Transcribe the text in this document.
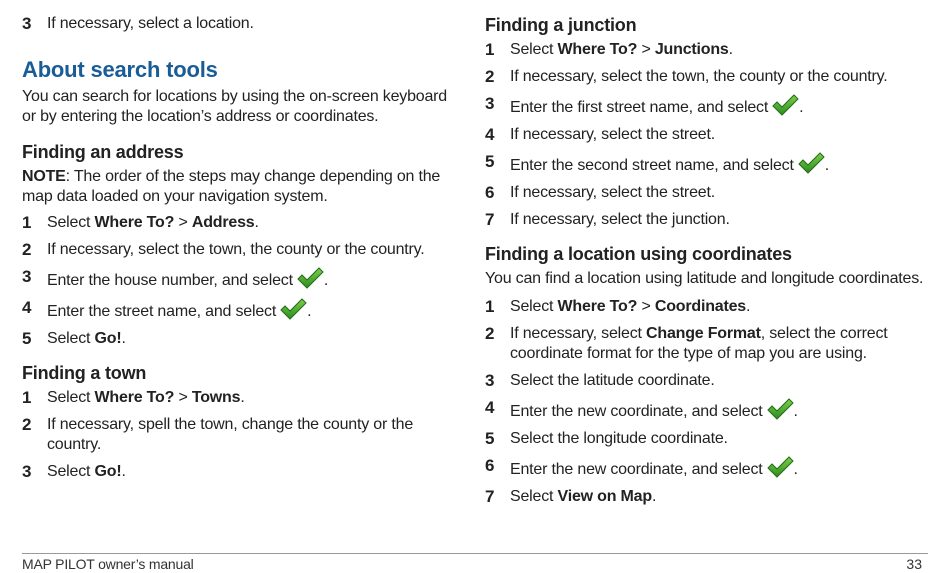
3 If necessary, select a location.
About search tools

You can search for locations by using the on-screen keyboard or by entering the location’s address or coordinates.

Finding an address

NOTE: The order of the steps may change depending on the map data loaded on your navigation system.

1 Select Where To? > Address.
2 If necessary, select the town, the county or the country.
3 Enter the house number, and select .
4 Enter the street name, and select .
5 Select Go!.
Finding a town
1 Select Where To? > Towns.
2 If necessary, spell the town, change the county or the country.
3 Select Go!.
Finding a junction
1 Select Where To? > Junctions.
2 If necessary, select the town, the county or the country.
3 Enter the first street name, and select .
4 If necessary, select the street.
5 Enter the second street name, and select .
6 If necessary, select the street.
7 If necessary, select the junction.
Finding a location using coordinates

You can find a location using latitude and longitude coordinates.

1 Select Where To? > Coordinates.
2 If necessary, select Change Format, select the correct coordinate format for the type of map you are using.
3 Select the latitude coordinate.
4 Enter the new coordinate, and select .
5 Select the longitude coordinate.
6 Enter the new coordinate, and select .
7 Select View on Map.
MAP PILOT owner’s manual	33
